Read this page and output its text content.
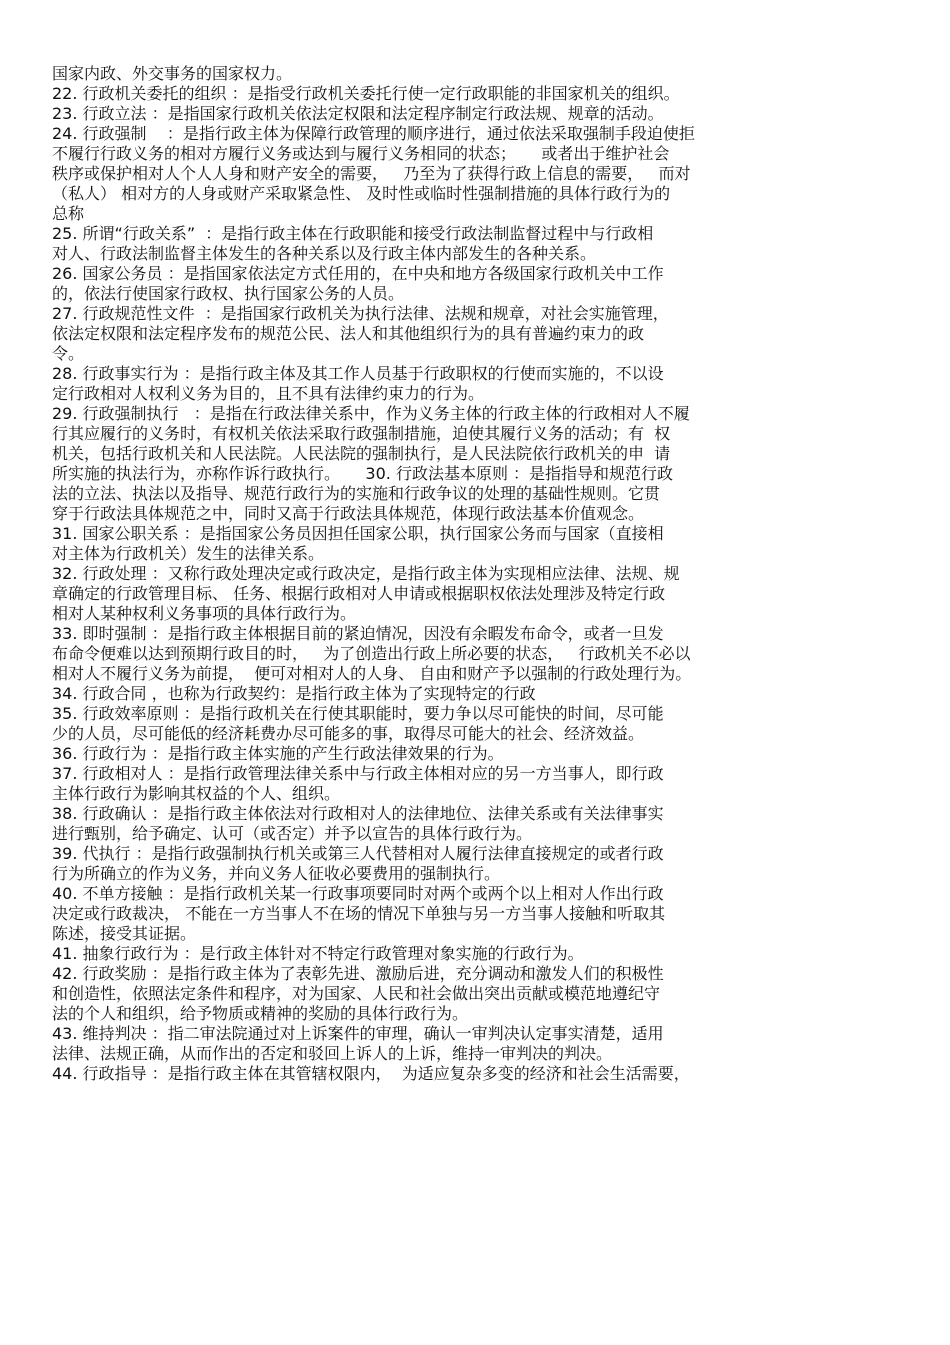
国家内政、外交事务的国家权力。
22. 行政机关委托的组织 ：是指受行政机关委托行使一定行政职能的非国家机关的组织。
23. 行政立法 ：是指国家行政机关依法定权限和法定程序制定行政法规、规章的活动。
24. 行政强制    ：是指行政主体为保障行政管理的顺序进行，通过依法采取强制手段迫使拒
不履行行政义务的相对方履行义务或达到与履行义务相同的状态；     或者出于维护社会
秩序或保护相对人个人人身和财产安全的需要，   乃至为了获得行政上信息的需要，   而对
（私人） 相对方的人身或财产采取紧急性、 及时性或临时性强制措施的具体行政行为的
总称
25. 所谓“行政关系”  ：是指行政主体在行政职能和接受行政法制监督过程中与行政相
对人、行政法制监督主体发生的各种关系以及行政主体内部发生的各种关系。
26. 国家公务员 ：是指国家依法定方式任用的，在中央和地方各级国家行政机关中工作
的，依法行使国家行政权、执行国家公务的人员。
27. 行政规范性文件  ：是指国家行政机关为执行法律、法规和规章，对社会实施管理，
依法定权限和法定程序发布的规范公民、法人和其他组织行为的具有普遍约束力的政
令。
28. 行政事实行为 ：是指行政主体及其工作人员基于行政职权的行使而实施的，不以设
定行政相对人权利义务为目的，且不具有法律约束力的行为。
29. 行政强制执行   ：是指在行政法律关系中，作为义务主体的行政主体的行政相对人不履
行其应履行的义务时，有权机关依法采取行政强制措施，迫使其履行义务的活动；有  权
机关，包括行政机关和人民法院。人民法院的强制执行，是人民法院依行政机关的申  请
所实施的执法行为，亦称作诉行政执行。     30. 行政法基本原则 ：是指指导和规范行政
法的立法、执法以及指导、规范行政行为的实施和行政争议的处理的基础性规则。它贯
穿于行政法具体规范之中，同时又高于行政法具体规范，体现行政法基本价值观念。
31. 国家公职关系 ：是指国家公务员因担任国家公职，执行国家公务而与国家（直接相
对主体为行政机关）发生的法律关系。
32. 行政处理 ：又称行政处理决定或行政决定，是指行政主体为实现相应法律、法规、规
章确定的行政管理目标、 任务、根据行政相对人申请或根据职权依法处理涉及特定行政
相对人某种权利义务事项的具体行政行为。
33. 即时强制 ：是指行政主体根据目前的紧迫情况，因没有余暇发布命令，或者一旦发
布命令便难以达到预期行政目的时，   为了创造出行政上所必要的状态，   行政机关不必以
相对人不履行义务为前提，  便可对相对人的人身、 自由和财产予以强制的行政处理行为。
34. 行政合同 ，也称为行政契约：是指行政主体为了实现特定的行政
35. 行政效率原则 ：是指行政机关在行使其职能时，要力争以尽可能快的时间，尽可能
少的人员，尽可能低的经济耗费办尽可能多的事，取得尽可能大的社会、经济效益。
36. 行政行为 ：是指行政主体实施的产生行政法律效果的行为。
37. 行政相对人 ：是指行政管理法律关系中与行政主体相对应的另一方当事人，即行政
主体行政行为影响其权益的个人、组织。
38. 行政确认 ：是指行政主体依法对行政相对人的法律地位、法律关系或有关法律事实
进行甄别，给予确定、认可（或否定）并予以宣告的具体行政行为。
39. 代执行 ：是指行政强制执行机关或第三人代替相对人履行法律直接规定的或者行政
行为所确立的作为义务，并向义务人征收必要费用的强制执行。
40. 不单方接触 ：是指行政机关某一行政事项要同时对两个或两个以上相对人作出行政
决定或行政裁决， 不能在一方当事人不在场的情况下单独与另一方当事人接触和听取其
陈述，接受其证据。
41. 抽象行政行为 ：是行政主体针对不特定行政管理对象实施的行政行为。
42. 行政奖励 ：是指行政主体为了表彰先进、激励后进，充分调动和激发人们的积极性
和创造性，依照法定条件和程序，对为国家、人民和社会做出突出贡献或模范地遵纪守
法的个人和组织，给予物质或精神的奖励的具体行政行为。
43. 维持判决 ：指二审法院通过对上诉案件的审理，确认一审判决认定事实清楚，适用
法律、法规正确，从而作出的否定和驳回上诉人的上诉，维持一审判决的判决。
44. 行政指导 ：是指行政主体在其管辖权限内，  为适应复杂多变的经济和社会生活需要，
